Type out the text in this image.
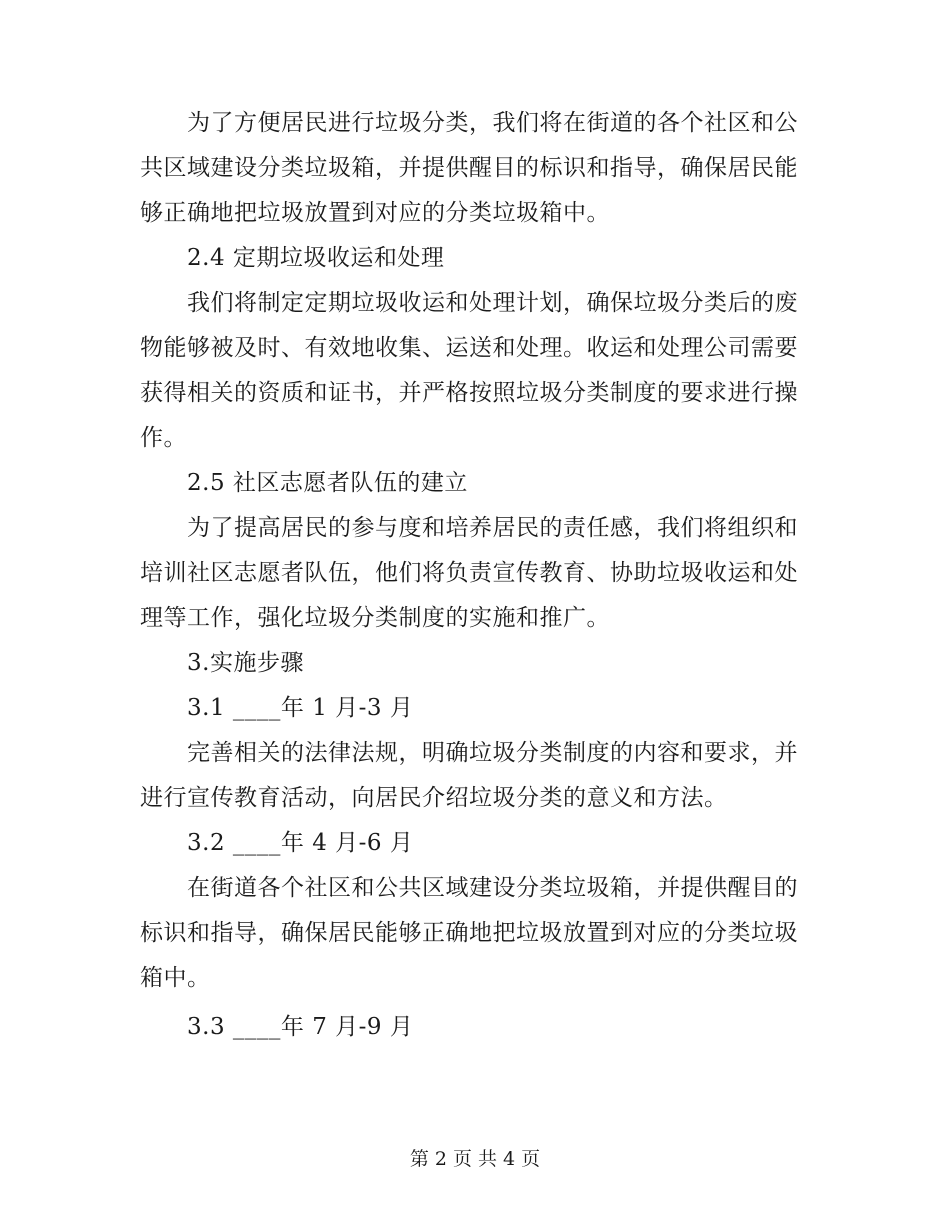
为了方便居民进行垃圾分类，我们将在街道的各个社区和公
共区域建设分类垃圾箱，并提供醒目的标识和指导，确保居民能
够正确地把垃圾放置到对应的分类垃圾箱中。
2.4 定期垃圾收运和处理
我们将制定定期垃圾收运和处理计划，确保垃圾分类后的废
物能够被及时、有效地收集、运送和处理。收运和处理公司需要
获得相关的资质和证书，并严格按照垃圾分类制度的要求进行操
作。
2.5 社区志愿者队伍的建立
为了提高居民的参与度和培养居民的责任感，我们将组织和
培训社区志愿者队伍，他们将负责宣传教育、协助垃圾收运和处
理等工作，强化垃圾分类制度的实施和推广。
3.实施步骤
3.1 ____年 1 月-3 月
完善相关的法律法规，明确垃圾分类制度的内容和要求，并
进行宣传教育活动，向居民介绍垃圾分类的意义和方法。
3.2 ____年 4 月-6 月
在街道各个社区和公共区域建设分类垃圾箱，并提供醒目的
标识和指导，确保居民能够正确地把垃圾放置到对应的分类垃圾
箱中。
3.3 ____年 7 月-9 月
第 2 页 共 4 页
